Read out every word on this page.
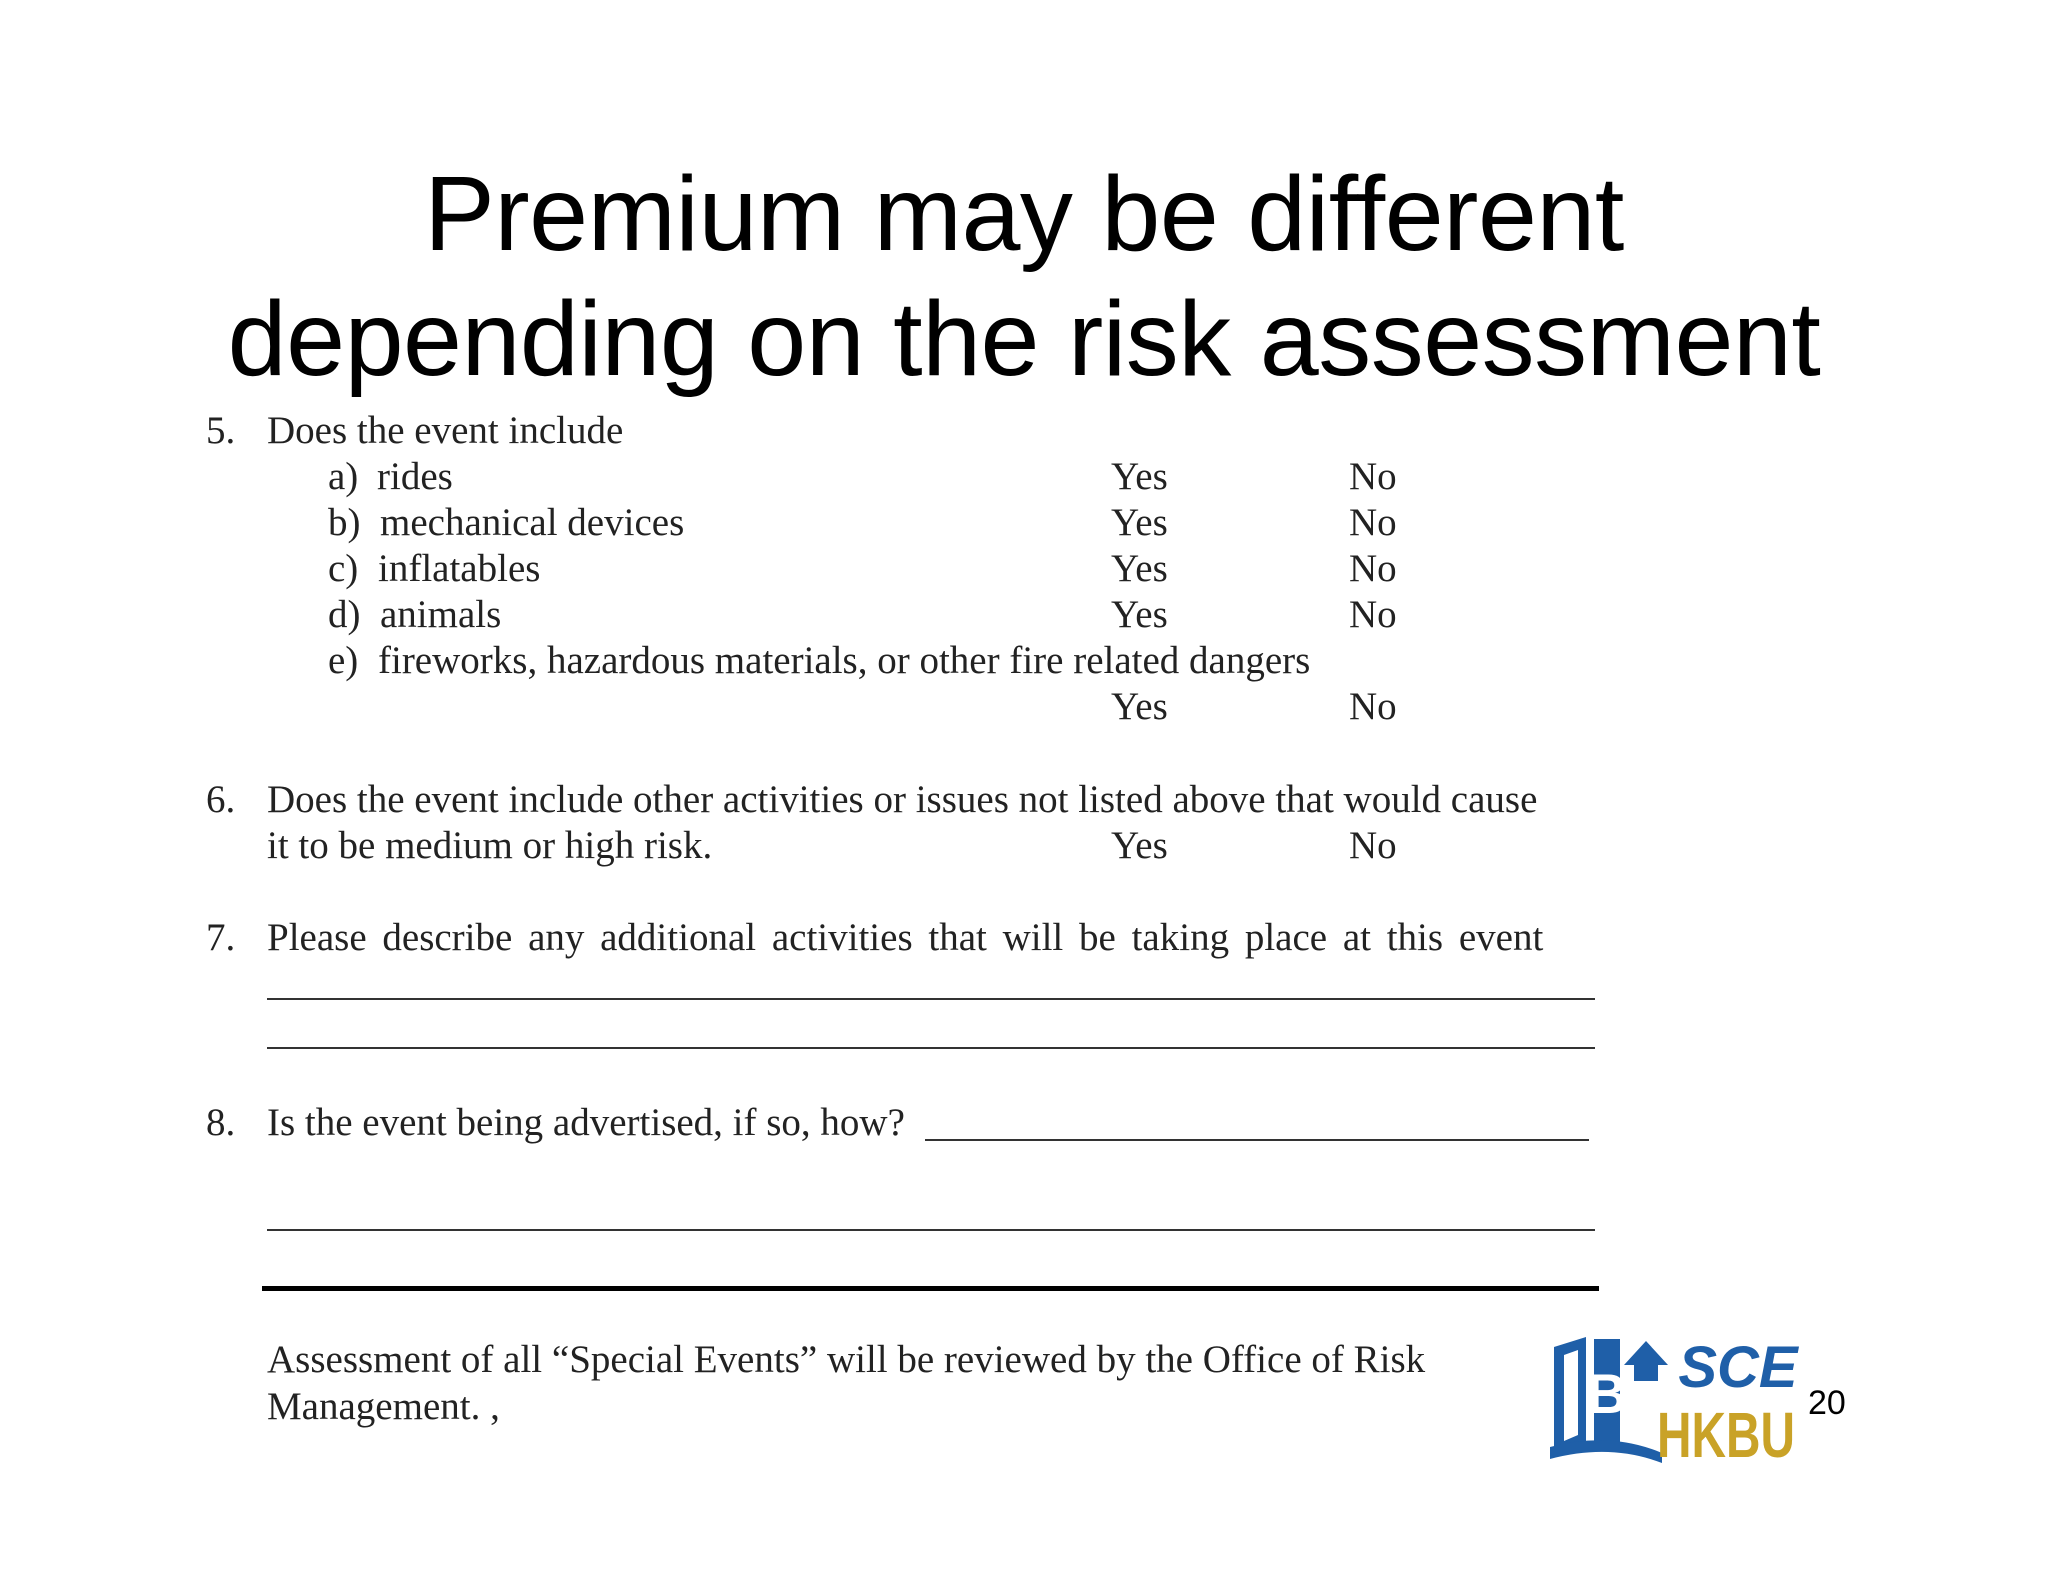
Premium may be different
depending on the risk assessment
5. Does the event include
a) rides	Yes	No
b) mechanical devices	Yes	No
c) inflatables	Yes	No
d) animals	Yes	No
e) fireworks, hazardous materials, or other fire related dangers
Yes	No
6. Does the event include other activities or issues not listed above that would cause
it to be medium or high risk.	Yes	No
7. Please describe any additional activities that will be taking place at this event
8. Is the event being advertised, if so, how?
Assessment of all “Special Events” will be reviewed by the Office of Risk
Management. ,	B SCE
HKBU 20
